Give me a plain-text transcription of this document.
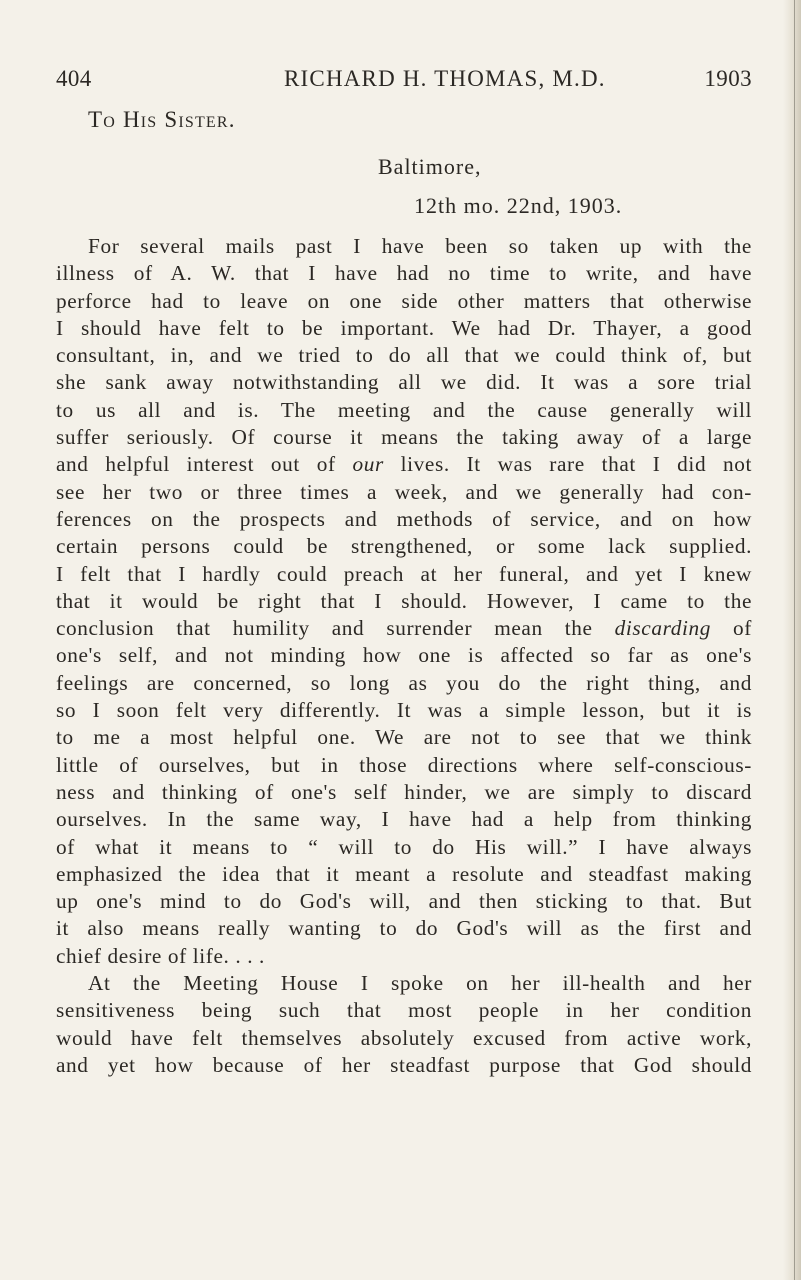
404	RICHARD H. THOMAS, M.D.	1903
To His Sister.
Baltimore,
12th mo. 22nd, 1903.
For several mails past I have been so taken up with the
illness of A. W. that I have had no time to write, and have
perforce had to leave on one side other matters that otherwise
I should have felt to be important. We had Dr. Thayer, a good
consultant, in, and we tried to do all that we could think of, but
she sank away notwithstanding all we did. It was a sore trial
to us all and is. The meeting and the cause generally will
suffer seriously. Of course it means the taking away of a large
and helpful interest out of our lives. It was rare that I did not
see her two or three times a week, and we generally had con-
ferences on the prospects and methods of service, and on how
certain persons could be strengthened, or some lack supplied.
I felt that I hardly could preach at her funeral, and yet I knew
that it would be right that I should. However, I came to the
conclusion that humility and surrender mean the discarding of
one's self, and not minding how one is affected so far as one's
feelings are concerned, so long as you do the right thing, and
so I soon felt very differently. It was a simple lesson, but it is
to me a most helpful one. We are not to see that we think
little of ourselves, but in those directions where self-conscious-
ness and thinking of one's self hinder, we are simply to discard
ourselves. In the same way, I have had a help from thinking
of what it means to “ will to do His will.” I have always
emphasized the idea that it meant a resolute and steadfast making
up one's mind to do God's will, and then sticking to that. But
it also means really wanting to do God's will as the first and
chief desire of life. . . .
At the Meeting House I spoke on her ill-health and her
sensitiveness being such that most people in her condition
would have felt themselves absolutely excused from active work,
and yet how because of her steadfast purpose that God should
